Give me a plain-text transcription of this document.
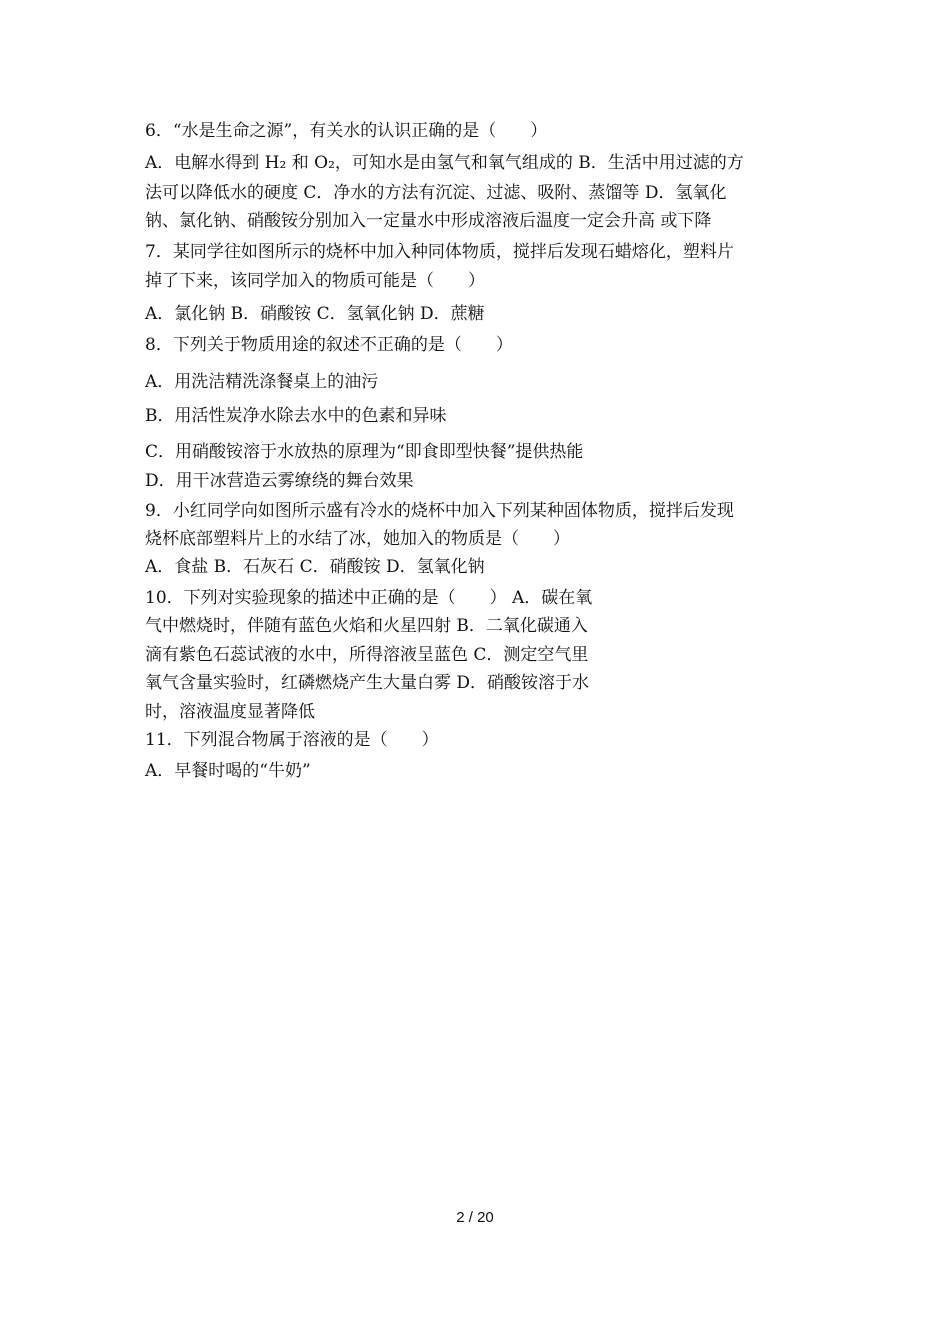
6．“水是生命之源”，有关水的认识正确的是（　　）
A．电解水得到 H₂ 和 O₂，可知水是由氢气和氧气组成的 B．生活中用过滤的方
法可以降低水的硬度 C．净水的方法有沉淀、过滤、吸附、蒸馏等 D．氢氧化
钠、氯化钠、硝酸铵分别加入一定量水中形成溶液后温度一定会升高 或下降
7．某同学往如图所示的烧杯中加入种同体物质，搅拌后发现石蜡熔化，塑料片
掉了下来，该同学加入的物质可能是（　　）
A．氯化钠 B．硝酸铵 C．氢氧化钠 D．蔗糖
8．下列关于物质用途的叙述不正确的是（　　）
A．用洗洁精洗涤餐桌上的油污
B．用活性炭净水除去水中的色素和异味
C．用硝酸铵溶于水放热的原理为“即食即型快餐”提供热能
D．用干冰营造云雾缭绕的舞台效果
9．小红同学向如图所示盛有冷水的烧杯中加入下列某种固体物质，搅拌后发现
烧杯底部塑料片上的水结了冰，她加入的物质是（　　）
A．食盐 B．石灰石 C．硝酸铵 D．氢氧化钠
10．下列对实验现象的描述中正确的是（　　） A．碳在氧
气中燃烧时，伴随有蓝色火焰和火星四射 B．二氧化碳通入
滴有紫色石蕊试液的水中，所得溶液呈蓝色 C．测定空气里
氧气含量实验时，红磷燃烧产生大量白雾 D．硝酸铵溶于水
时，溶液温度显著降低
11．下列混合物属于溶液的是（　　）
A．早餐时喝的“牛奶”
2 / 20
